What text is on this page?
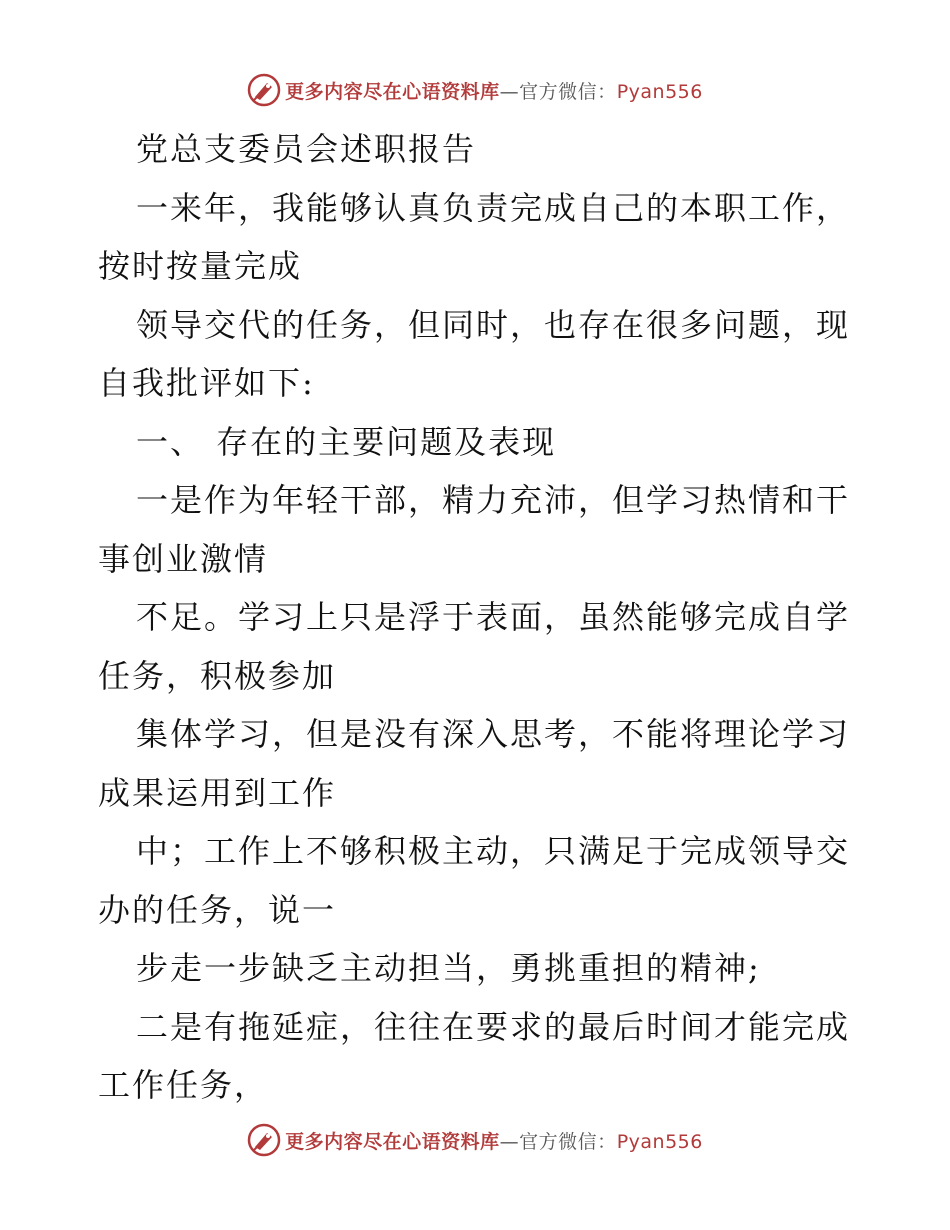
更多内容尽在心语资料库—官方微信：Pyan556
党总支委员会述职报告
一来年，我能够认真负责完成自己的本职工作，
按时按量完成
领导交代的任务，但同时，也存在很多问题，现
自我批评如下:
一、 存在的主要问题及表现
一是作为年轻干部，精力充沛，但学习热情和干
事创业激情
不足。学习上只是浮于表面，虽然能够完成自学
任务，积极参加
集体学习，但是没有深入思考，不能将理论学习
成果运用到工作
中；工作上不够积极主动，只满足于完成领导交
办的任务，说一
步走一步缺乏主动担当，勇挑重担的精神;
二是有拖延症，往往在要求的最后时间才能完成
工作任务，
更多内容尽在心语资料库—官方微信：Pyan556
